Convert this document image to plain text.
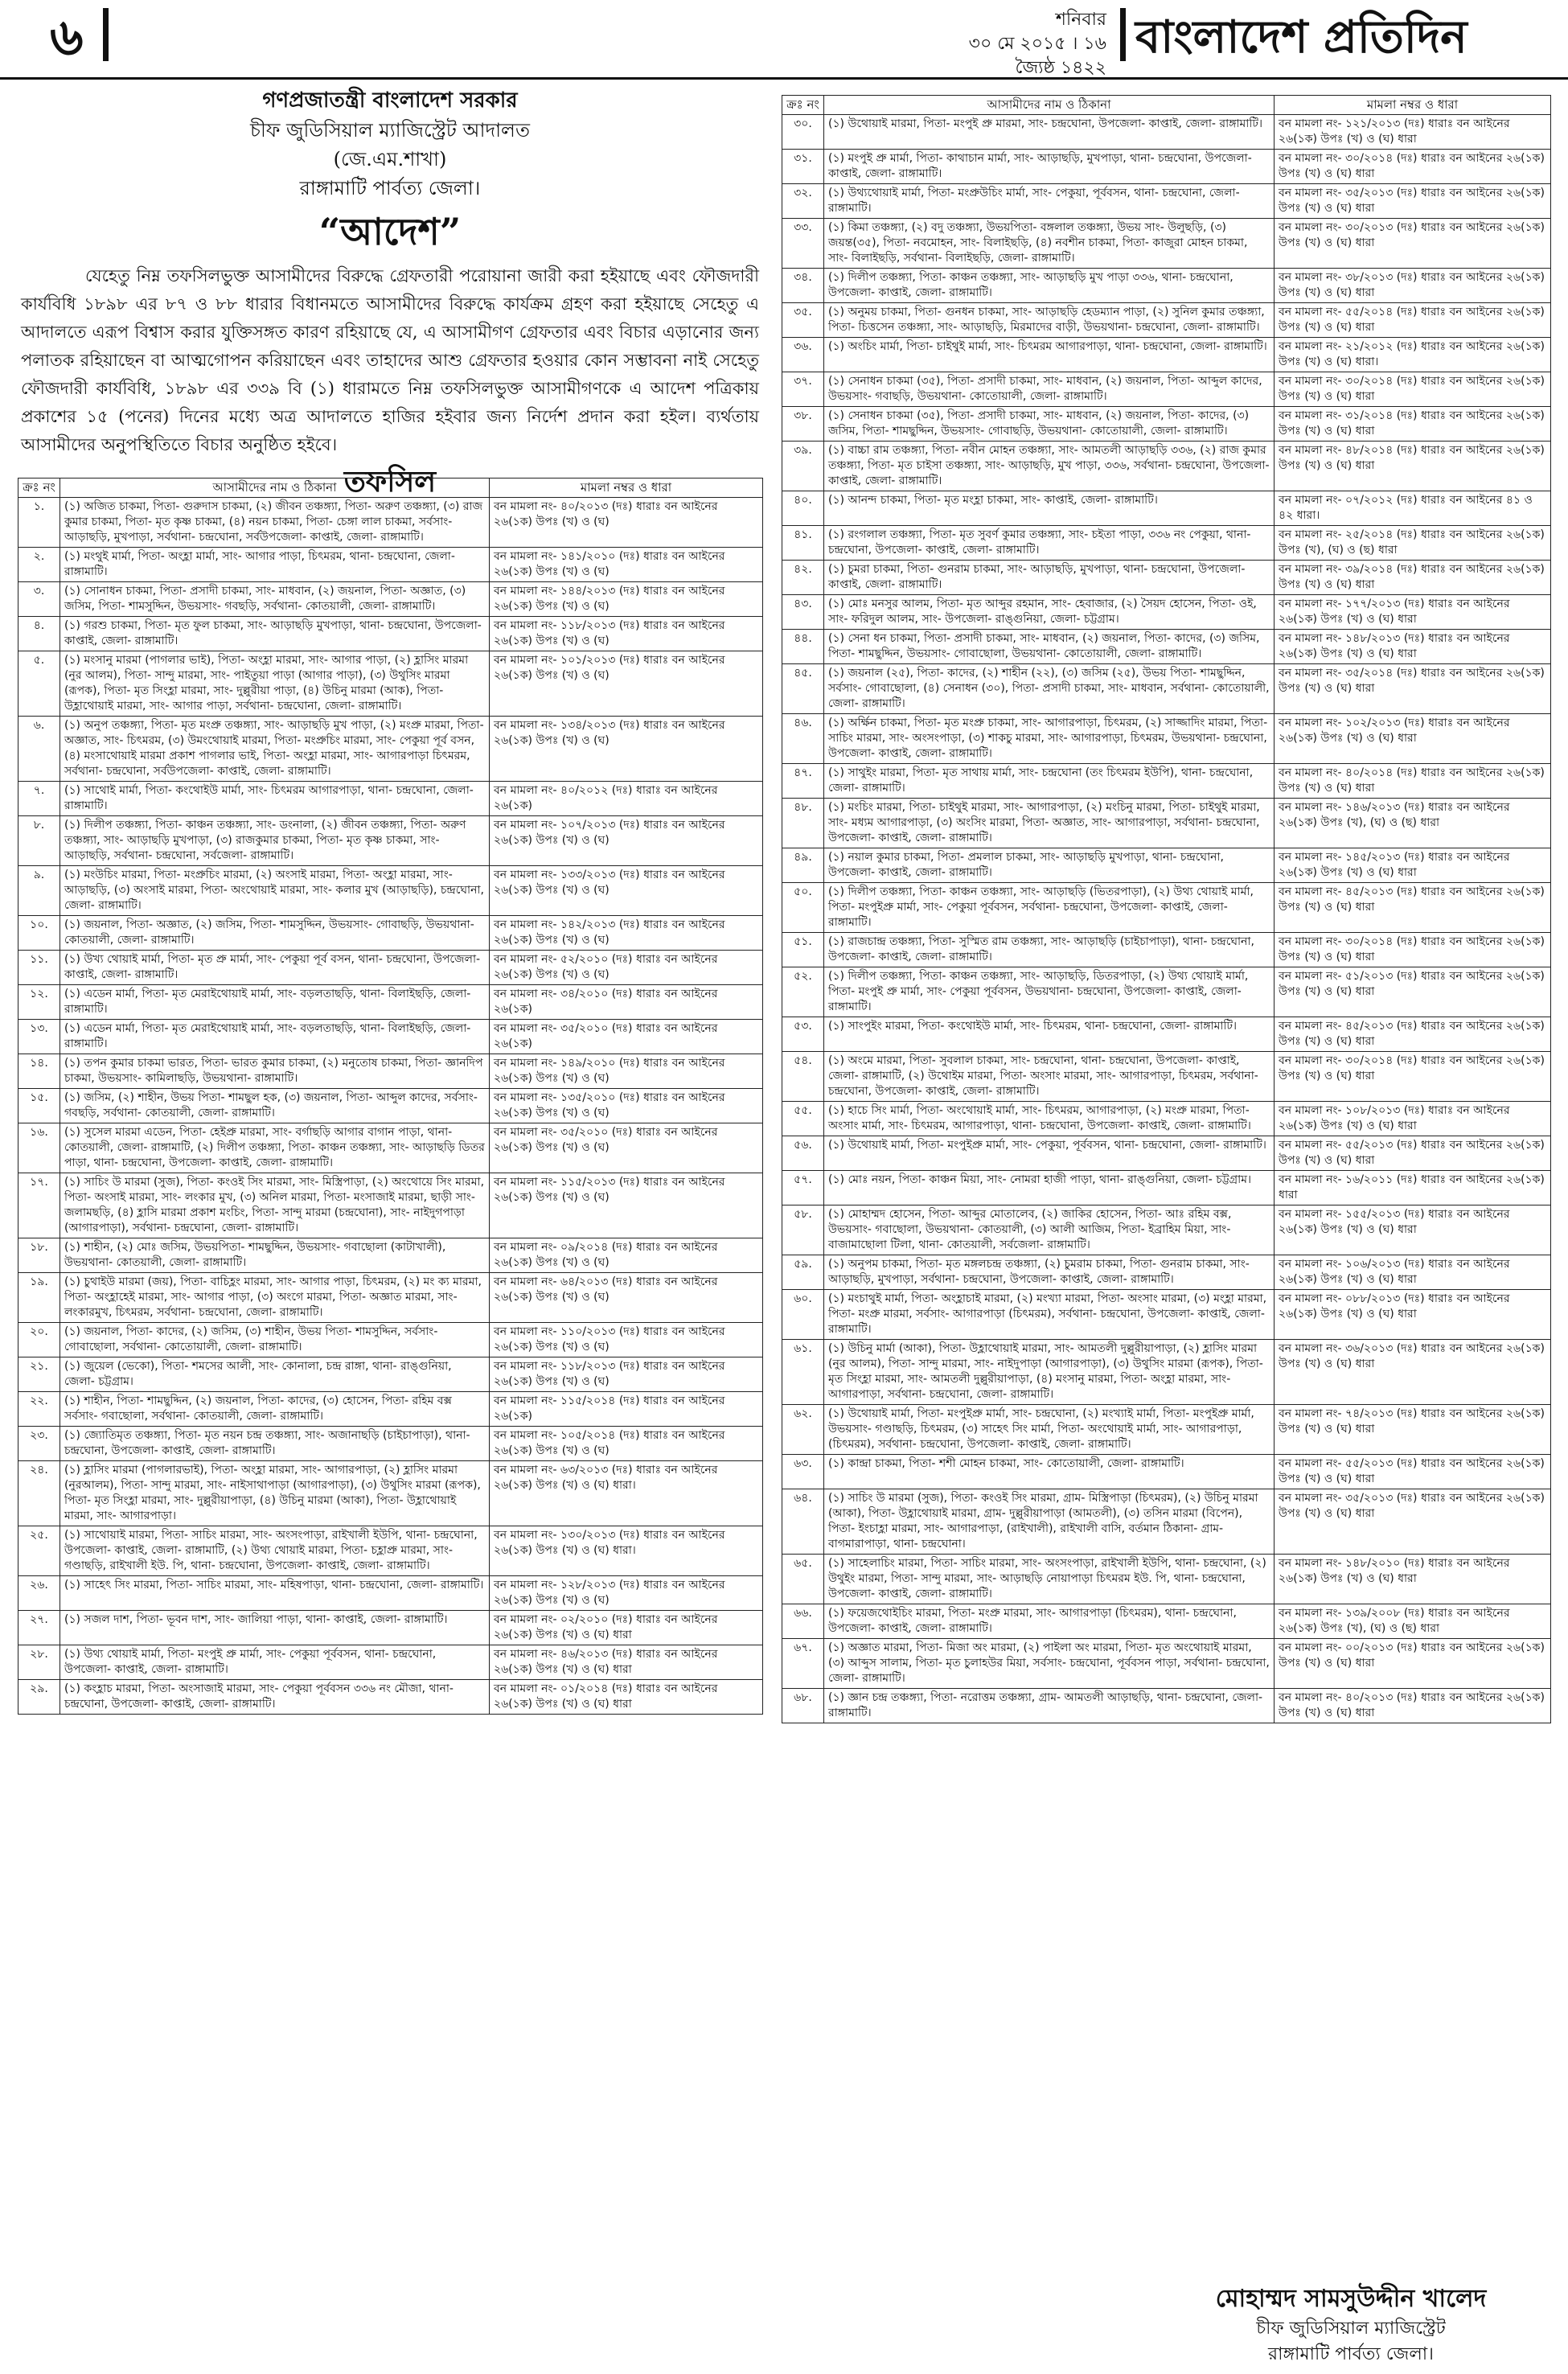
৬	শনিবার
৩০ মে ২০১৫ । ১৬ জ্যৈষ্ঠ ১৪২২
বাংলাদেশ প্রতিদিন
গণপ্রজাতন্ত্রী বাংলাদেশ সরকার
চীফ জুডিসিয়াল ম্যাজিস্ট্রেট আদালত
(জে.এম.শাখা)
রাঙ্গামাটি পার্বত্য জেলা।
“আদেশ”
যেহেতু নিম্ন তফসিলভুক্ত আসামীদের বিরুদ্ধে গ্রেফতারী পরোয়ানা জারী করা হইয়াছে এবং ফৌজদারী কার্যবিধি ১৮৯৮ এর ৮৭ ও ৮৮ ধারার বিধানমতে আসামীদের বিরুদ্ধে কার্যক্রম গ্রহণ করা হইয়াছে সেহেতু এ আদালতে এরূপ বিশ্বাস করার যুক্তিসঙ্গত কারণ রহিয়াছে যে, এ আসামীগণ গ্রেফতার এবং বিচার এড়ানোর জন্য পলাতক রহিয়াছেন বা আত্মগোপন করিয়াছেন এবং তাহাদের আশু গ্রেফতার হওয়ার কোন সম্ভাবনা নাই সেহেতু ফৌজদারী কার্যবিধি, ১৮৯৮ এর ৩৩৯ বি (১) ধারামতে নিম্ন তফসিলভুক্ত আসামীগণকে এ আদেশ পত্রিকায় প্রকাশের ১৫ (পনের) দিনের মধ্যে অত্র আদালতে হাজির হইবার জন্য নির্দেশ প্রদান করা হইল। ব্যর্থতায় আসামীদের অনুপস্থিতিতে বিচার অনুষ্ঠিত হইবে।
তফসিল
ক্রঃ নং	আসামীদের নাম ও ঠিকানা	মামলা নম্বর ও ধারা
১.	(১) অজিত চাকমা, পিতা- গুরুদাস চাকমা, (২) জীবন তঞ্চঙ্গ্যা, পিতা- অরুণ তঞ্চঙ্গ্যা, (৩) রাজ কুমার চাকমা, পিতা- মৃত কৃষ্ণ চাকমা, (৪) নয়ন চাকমা, পিতা- চেঙ্গা লাল চাকমা, সর্বসাং- আড়াছড়ি, মুখপাড়া, সর্বথানা- চন্দ্রঘোনা, সর্বউপজেলা- কাপ্তাই, জেলা- রাঙ্গামাটি।	বন মামলা নং- ৪০/২০১৩ (দঃ) ধারাঃ বন আইনের ২৬(১ক) উপঃ (খ) ও (ঘ)
২.	(১) মংথুই মার্মা, পিতা- অংহ্লা মার্মা, সাং- আগার পাড়া, চিৎমরম, থানা- চন্দ্রঘোনা, জেলা- রাঙ্গামাটি।	বন মামলা নং- ১৪১/২০১০ (দঃ) ধারাঃ বন আইনের ২৬(১ক) উপঃ (খ) ও (ঘ)
৩.	(১) সোনাধন চাকমা, পিতা- প্রসাদী চাকমা, সাং- মাধবান, (২) জয়নাল, পিতা- অজ্ঞাত, (৩) জসিম, পিতা- শামসুদ্দিন, উভয়সাং- গবছড়ি, সর্বথানা- কোতয়ালী, জেলা- রাঙ্গামাটি।	বন মামলা নং- ১৪৪/২০১৩ (দঃ) ধারাঃ বন আইনের ২৬(১ক) উপঃ (খ) ও (ঘ)
৪.	(১) গরশু চাকমা, পিতা- মৃত ফুল চাকমা, সাং- আড়াছড়ি মুখপাড়া, থানা- চন্দ্রঘোনা, উপজেলা- কাপ্তাই, জেলা- রাঙ্গামাটি।	বন মামলা নং- ১১৮/২০১৩ (দঃ) ধারাঃ বন আইনের ২৬(১ক) উপঃ (খ) ও (ঘ)
৫.	(১) মংসানু মারমা (পাগলার ভাই), পিতা- অংহ্লা মারমা, সাং- আগার পাড়া, (২) হ্লাসিং মারমা (নুর আলম), পিতা- সান্দু মারমা, সাং- পাইতুয়া পাড়া (আগার পাড়া), (৩) উথুসিং মারমা (রূপক), পিতা- মৃত সিংহ্লা মারমা, সাং- দুল্লুরীয়া পাড়া, (৪) উচিনু মারমা (আক), পিতা- উহ্লাথোয়াই মারমা, সাং- আগার পাড়া, সর্বথানা- চন্দ্রঘোনা, জেলা- রাঙ্গামাটি।	বন মামলা নং- ১০১/২০১৩ (দঃ) ধারাঃ বন আইনের ২৬(১ক) উপঃ (খ) ও (ঘ)
৬.	(১) অনুপ তঞ্চঙ্গ্যা, পিতা- মৃত মংপ্রু তঞ্চঙ্গ্যা, সাং- আড়াছড়ি মুখ পাড়া, (২) মংপ্রু মারমা, পিতা- অজ্ঞাত, সাং- চিৎমরম, (৩) উমংথোয়াই মারমা, পিতা- মংপ্রুচিং মারমা, সাং- পেকুয়া পূর্ব বসন, (৪) মংসাথোয়াই মারমা প্রকাশ পাগলার ভাই, পিতা- অংহ্লা মারমা, সাং- আগারপাড়া চিৎমরম, সর্বথানা- চন্দ্রঘোনা, সর্বউপজেলা- কাপ্তাই, জেলা- রাঙ্গামাটি।	বন মামলা নং- ১৩৪/২০১৩ (দঃ) ধারাঃ বন আইনের ২৬(১ক) উপঃ (খ) ও (ঘ)
৭.	(১) সাথোই মার্মা, পিতা- কংথোইউ মার্মা, সাং- চিৎমরম আগারপাড়া, থানা- চন্দ্রঘোনা, জেলা- রাঙ্গামাটি।	বন মামলা নং- ৪০/২০১২ (দঃ) ধারাঃ বন আইনের ২৬(১ক)
৮.	(১) দিলীপ তঞ্চঙ্গ্যা, পিতা- কাঞ্চন তঞ্চঙ্গ্যা, সাং- ডংনালা, (২) জীবন তঞ্চঙ্গ্যা, পিতা- অরুণ তঞ্চঙ্গ্যা, সাং- আড়াছড়ি মুখপাড়া, (৩) রাজকুমার চাকমা, পিতা- মৃত কৃষ্ণ চাকমা, সাং- আড়াছড়ি, সর্বথানা- চন্দ্রঘোনা, সর্বজেলা- রাঙ্গামাটি।	বন মামলা নং- ১০৭/২০১৩ (দঃ) ধারাঃ বন আইনের ২৬(১ক) উপঃ (খ) ও (ঘ)
৯.	(১) মংউচিং মারমা, পিতা- মংপ্রুচিং মারমা, (২) অংসাই মারমা, পিতা- অংহ্লা মারমা, সাং- আড়াছড়ি, (৩) অংসাই মারমা, পিতা- অংথোয়াই মারমা, সাং- কলার মুখ (আড়াছড়ি), চন্দ্রঘোনা, জেলা- রাঙ্গামাটি।	বন মামলা নং- ১৩৩/২০১৩ (দঃ) ধারাঃ বন আইনের ২৬(১ক) উপঃ (খ) ও (ঘ)
১০.	(১) জয়নাল, পিতা- অজ্ঞাত, (২) জসিম, পিতা- শামসুদ্দিন, উভয়সাং- গোবাছড়ি, উভয়থানা- কোতয়ালী, জেলা- রাঙ্গামাটি।	বন মামলা নং- ১৪২/২০১৩ (দঃ) ধারাঃ বন আইনের ২৬(১ক) উপঃ (খ) ও (ঘ)
১১.	(১) উখ্য থোয়াই মার্মা, পিতা- মৃত প্রু মার্মা, সাং- পেকুয়া পূর্ব বসন, থানা- চন্দ্রঘোনা, উপজেলা- কাপ্তাই, জেলা- রাঙ্গামাটি।	বন মামলা নং- ৫২/২০১০ (দঃ) ধারাঃ বন আইনের ২৬(১ক) উপঃ (খ) ও (ঘ)
১২.	(১) এডেন মার্মা, পিতা- মৃত মেরাইথোয়াই মার্মা, সাং- বড়লতাছড়ি, থানা- বিলাইছড়ি, জেলা- রাঙ্গামাটি।	বন মামলা নং- ৩৪/২০১০ (দঃ) ধারাঃ বন আইনের ২৬(১ক)
১৩.	(১) এডেন মার্মা, পিতা- মৃত মেরাইথোয়াই মার্মা, সাং- বড়লতাছড়ি, থানা- বিলাইছড়ি, জেলা- রাঙ্গামাটি।	বন মামলা নং- ৩৫/২০১০ (দঃ) ধারাঃ বন আইনের ২৬(১ক)
১৪.	(১) তপন কুমার চাকমা ভারত, পিতা- ভারত কুমার চাকমা, (২) মনুতোষ চাকমা, পিতা- জ্ঞানদিপ চাকমা, উভয়সাং- কামিলাছড়ি, উভয়থানা- রাঙ্গামাটি।	বন মামলা নং- ১৪৯/২০১০ (দঃ) ধারাঃ বন আইনের ২৬(১ক) উপঃ (খ) ও (ঘ)
১৫.	(১) জসিম, (২) শাহীন, উভয় পিতা- শামছুল হক, (৩) জয়নাল, পিতা- আব্দুল কাদের, সর্বসাং- গবছড়ি, সর্বথানা- কোতয়ালী, জেলা- রাঙ্গামাটি।	বন মামলা নং- ১৩৫/২০১০ (দঃ) ধারাঃ বন আইনের ২৬(১ক) উপঃ (খ) ও (ঘ)
১৬.	(১) সুসেল মারমা এডেন, পিতা- হেইপ্রু মারমা, সাং- বর্গাছড়ি আগার বাগান পাড়া, থানা- কোতয়ালী, জেলা- রাঙ্গামাটি, (২) দিলীপ তঞ্চঙ্গ্যা, পিতা- কাঞ্চন তঞ্চঙ্গ্যা, সাং- আড়াছড়ি ডিতর পাড়া, থানা- চন্দ্রঘোনা, উপজেলা- কাপ্তাই, জেলা- রাঙ্গামাটি।	বন মামলা নং- ৩৫/২০১০ (দঃ) ধারাঃ বন আইনের ২৬(১ক) উপঃ (খ) ও (ঘ)
১৭.	(১) সাচিং উ মারমা (সুজ), পিতা- কংওই সিং মারমা, সাং- মিস্ত্রিপাড়া, (২) অংথোয়ে সিং মারমা, পিতা- অংসাই মারমা, সাং- লংকার মুখ, (৩) অনিল মারমা, পিতা- মংসাজাই মারমা, ছাড়ী সাং- জলামছড়ি, (৪) হ্লাসি মারমা প্রকাশ মংচিং, পিতা- সান্দু মারমা (চন্দ্রঘোনা), সাং- নাইদুগপাড়া (আগারপাড়া), সর্বথানা- চন্দ্রঘোনা, জেলা- রাঙ্গামাটি।	বন মামলা নং- ১১৫/২০১৩ (দঃ) ধারাঃ বন আইনের ২৬(১ক) উপঃ (খ) ও (ঘ)
১৮.	(১) শাহীন, (২) মোঃ জসিম, উভয়পিতা- শামছুদ্দিন, উভয়সাং- গবাছোলা (কাটাখালী), উভয়থানা- কোতয়ালী, জেলা- রাঙ্গামাটি।	বন মামলা নং- ০৯/২০১৪ (দঃ) ধারাঃ বন আইনের ২৬(১ক) উপঃ (খ) ও (ঘ)
১৯.	(১) চুথাইউ মারমা (জয়), পিতা- বাচিহ্লং মারমা, সাং- আগার পাড়া, চিৎমরম, (২) মং ক্য মারমা, পিতা- অংহ্লাহেই মারমা, সাং- আগার পাড়া, (৩) অংগে মারমা, পিতা- অজ্ঞাত মারমা, সাং- লংকারমুখ, চিৎমরম, সর্বথানা- চন্দ্রঘোনা, জেলা- রাঙ্গামাটি।	বন মামলা নং- ৬৪/২০১৩ (দঃ) ধারাঃ বন আইনের ২৬(১ক) উপঃ (খ) ও (ঘ)
২০.	(১) জয়নাল, পিতা- কাদের, (২) জসিম, (৩) শাহীন, উভয় পিতা- শামসুদ্দিন, সর্বসাং- গোবাছোলা, সর্বথানা- কোতোয়ালী, জেলা- রাঙ্গামাটি।	বন মামলা নং- ১১০/২০১৩ (দঃ) ধারাঃ বন আইনের ২৬(১ক) উপঃ (খ) ও (ঘ)
২১.	(১) জুয়েল (ভেকো), পিতা- শমসের আলী, সাং- কোনালা, চন্দ্র রাঙ্গা, থানা- রাঙ্গুনিয়া, জেলা- চট্টগ্রাম।	বন মামলা নং- ১১৮/২০১৩ (দঃ) ধারাঃ বন আইনের ২৬(১ক) উপঃ (খ) ও (ঘ)
২২.	(১) শাহীন, পিতা- শামছুদ্দিন, (২) জয়নাল, পিতা- কাদের, (৩) হোসেন, পিতা- রহিম বক্স সর্বসাং- গবাছোলা, সর্বথানা- কোতয়ালী, জেলা- রাঙ্গামাটি।	বন মামলা নং- ১১৫/২০১৪ (দঃ) ধারাঃ বন আইনের ২৬(১ক)
২৩.	(১) জ্যোতিমৃত তঞ্চঙ্গ্যা, পিতা- মৃত নয়ন চন্দ্র তঞ্চঙ্গ্যা, সাং- অজানাছড়ি (চাইচাপাড়া), থানা- চন্দ্রঘোনা, উপজেলা- কাপ্তাই, জেলা- রাঙ্গামাটি।	বন মামলা নং- ১০৫/২০১৪ (দঃ) ধারাঃ বন আইনের ২৬(১ক) উপঃ (খ) ও (ঘ)
২৪.	(১) হ্লাসিং মারমা (পাগলারভাই), পিতা- অংহ্লা মারমা, সাং- আগারপাড়া, (২) হ্লাসিং মারমা (নুরআলম), পিতা- সান্দু মারমা, সাং- নাইসাথাপাড়া (আগারপাড়া), (৩) উথুসিং মারমা (রূপক), পিতা- মৃত সিংহ্লা মারমা, সাং- দুল্লুরীয়াপাড়া, (৪) উচিনু মারমা (আকা), পিতা- উহ্লাথোয়াই মারমা, সাং- আগারপাড়া।	বন মামলা নং- ৬৩/২০১৩ (দঃ) ধারাঃ বন আইনের ২৬(১ক) উপঃ (খ) ও (ঘ) ধারা।
২৫.	(১) সাথোয়াই মারমা, পিতা- সাচিং মারমা, সাং- অংসংপাড়া, রাইখালী ইউপি, থানা- চন্দ্রঘোনা, উপজেলা- কাপ্তাই, জেলা- রাঙ্গামাটি, (২) উথ্য থোয়াই মারমা, পিতা- চহ্লাপ্রু মারমা, সাং- গণ্ডাছড়ি, রাইখালী ইউ. পি, থানা- চন্দ্রঘোনা, উপজেলা- কাপ্তাই, জেলা- রাঙ্গামাটি।	বন মামলা নং- ১৩০/২০১৩ (দঃ) ধারাঃ বন আইনের ২৬(১ক) উপঃ (খ) ও (ঘ) ধারা।
২৬.	(১) সাহেৎ সিং মারমা, পিতা- সাচিং মারমা, সাং- মহিষপাড়া, থানা- চন্দ্রঘোনা, জেলা- রাঙ্গামাটি।	বন মামলা নং- ১২৮/২০১৩ (দঃ) ধারাঃ বন আইনের ২৬(১ক) উপঃ (খ) ও (ঘ)
২৭.	(১) সজল দাশ, পিতা- ভূবন দাশ, সাং- জালিয়া পাড়া, থানা- কাপ্তাই, জেলা- রাঙ্গামাটি।	বন মামলা নং- ০২/২০১০ (দঃ) ধারাঃ বন আইনের ২৬(১ক) উপঃ (খ) ও (ঘ) ধারা
২৮.	(১) উথ্য থোয়াই মার্মা, পিতা- মংপুই প্রু মার্মা, সাং- পেকুয়া পূর্ববসন, থানা- চন্দ্রঘোনা, উপজেলা- কাপ্তাই, জেলা- রাঙ্গামাটি।	বন মামলা নং- ৪৬/২০১৩ (দঃ) ধারাঃ বন আইনের ২৬(১ক) উপঃ (খ) ও (ঘ) ধারা
২৯.	(১) কংহ্লাচ মারমা, পিতা- অংসাজাই মারমা, সাং- পেকুয়া পূর্ববসন ৩৩৬ নং মৌজা, থানা- চন্দ্রঘোনা, উপজেলা- কাপ্তাই, জেলা- রাঙ্গামাটি।	বন মামলা নং- ০১/২০১৪ (দঃ) ধারাঃ বন আইনের ২৬(১ক) উপঃ (খ) ও (ঘ) ধারা
ক্রঃ নং	আসামীদের নাম ও ঠিকানা	মামলা নম্বর ও ধারা
৩০.	(১) উথোয়াই মারমা, পিতা- মংপুই প্রু মারমা, সাং- চন্দ্রঘোনা, উপজেলা- কাপ্তাই, জেলা- রাঙ্গামাটি।	বন মামলা নং- ১২১/২০১৩ (দঃ) ধারাঃ বন আইনের ২৬(১ক) উপঃ (খ) ও (ঘ) ধারা
৩১.	(১) মংপুই প্রু মার্মা, পিতা- কাথাচান মার্মা, সাং- আড়াছড়ি, মুখপাড়া, থানা- চন্দ্রঘোনা, উপজেলা- কাপ্তাই, জেলা- রাঙ্গামাটি।	বন মামলা নং- ৩০/২০১৪ (দঃ) ধারাঃ বন আইনের ২৬(১ক) উপঃ (খ) ও (ঘ) ধারা
৩২.	(১) উথ্যথোয়াই মার্মা, পিতা- মংপ্রুউচিং মার্মা, সাং- পেকুয়া, পূর্ববসন, থানা- চন্দ্রঘোনা, জেলা- রাঙ্গামাটি।	বন মামলা নং- ৩৫/২০১৩ (দঃ) ধারাঃ বন আইনের ২৬(১ক) উপঃ (খ) ও (ঘ) ধারা
৩৩.	(১) কিমা তঞ্চঙ্গ্যা, (২) বদু তঞ্চঙ্গ্যা, উভয়পিতা- বঙ্গলাল তঞ্চঙ্গ্যা, উভয় সাং- উলুছড়ি, (৩) জয়ন্ত(৩৫), পিতা- নবমোহন, সাং- বিলাইছড়ি, (৪) নবশীন চাকমা, পিতা- কাজুরা মোহন চাকমা, সাং- বিলাইছড়ি, সর্বথানা- বিলাইছড়ি, জেলা- রাঙ্গামাটি।	বন মামলা নং- ৩০/২০১৩ (দঃ) ধারাঃ বন আইনের ২৬(১ক) উপঃ (খ) ও (ঘ) ধারা
৩৪.	(১) দিলীপ তঞ্চঙ্গ্যা, পিতা- কাঞ্চন তঞ্চঙ্গ্যা, সাং- আড়াছড়ি মুখ পাড়া ৩৩৬, থানা- চন্দ্রঘোনা, উপজেলা- কাপ্তাই, জেলা- রাঙ্গামাটি।	বন মামলা নং- ৩৮/২০১৩ (দঃ) ধারাঃ বন আইনের ২৬(১ক) উপঃ (খ) ও (ঘ) ধারা
৩৫.	(১) অনুময় চাকমা, পিতা- গুনধন চাকমা, সাং- আড়াছড়ি হেডম্যান পাড়া, (২) সুনিল কুমার তঞ্চঙ্গ্যা, পিতা- চিত্তসেন তঞ্চঙ্গ্যা, সাং- আড়াছড়ি, মিরমাদের বাড়ী, উভয়থানা- চন্দ্রঘোনা, জেলা- রাঙ্গামাটি।	বন মামলা নং- ৫৫/২০১৪ (দঃ) ধারাঃ বন আইনের ২৬(১ক) উপঃ (খ) ও (ঘ) ধারা
৩৬.	(১) অংচিং মার্মা, পিতা- চাইথুই মার্মা, সাং- চিৎমরম আগারপাড়া, থানা- চন্দ্রঘোনা, জেলা- রাঙ্গামাটি।	বন মামলা নং- ২১/২০১২ (দঃ) ধারাঃ বন আইনের ২৬(১ক) উপঃ (খ) ও (ঘ) ধারা।
৩৭.	(১) সেনাধন চাকমা (৩৫), পিতা- প্রসাদী চাকমা, সাং- মাধবান, (২) জয়নাল, পিতা- আব্দুল কাদের, উভয়সাং- গবাছড়ি, উভয়থানা- কোতোয়ালী, জেলা- রাঙ্গামাটি।	বন মামলা নং- ৩০/২০১৪ (দঃ) ধারাঃ বন আইনের ২৬(১ক) উপঃ (খ) ও (ঘ) ধারা
৩৮.	(১) সেনাধন চাকমা (৩৫), পিতা- প্রসাদী চাকমা, সাং- মাধবান, (২) জয়নাল, পিতা- কাদের, (৩) জসিম, পিতা- শামছুদ্দিন, উভয়সাং- গোবাছড়ি, উভয়থানা- কোতোয়ালী, জেলা- রাঙ্গামাটি।	বন মামলা নং- ৩১/২০১৪ (দঃ) ধারাঃ বন আইনের ২৬(১ক) উপঃ (খ) ও (ঘ) ধারা
৩৯.	(১) বাচ্চা রাম তঞ্চঙ্গ্যা, পিতা- নবীন মোহন তঞ্চঙ্গ্যা, সাং- আমতলী আড়াছড়ি ৩৩৬, (২) রাজ কুমার তঞ্চঙ্গ্যা, পিতা- মৃত চাইসা তঞ্চঙ্গ্যা, সাং- আড়াছড়ি, মুখ পাড়া, ৩৩৬, সর্বথানা- চন্দ্রঘোনা, উপজেলা- কাপ্তাই, জেলা- রাঙ্গামাটি।	বন মামলা নং- ৪৮/২০১৪ (দঃ) ধারাঃ বন আইনের ২৬(১ক) উপঃ (খ) ও (ঘ) ধারা
৪০.	(১) আনন্দ চাকমা, পিতা- মৃত মংহ্লা চাকমা, সাং- কাপ্তাই, জেলা- রাঙ্গামাটি।	বন মামলা নং- ০৭/২০১২ (দঃ) ধারাঃ বন আইনের ৪১ ও ৪২ ধারা।
৪১.	(১) রংগলাল তঞ্চঙ্গ্যা, পিতা- মৃত সুবর্ণ কুমার তঞ্চঙ্গ্যা, সাং- চইতা পাড়া, ৩৩৬ নং পেকুয়া, থানা- চন্দ্রঘোনা, উপজেলা- কাপ্তাই, জেলা- রাঙ্গামাটি।	বন মামলা নং- ২৫/২০১৪ (দঃ) ধারাঃ বন আইনের ২৬(১ক) উপঃ (খ), (ঘ) ও (ছ) ধারা
৪২.	(১) চুমরা চাকমা, পিতা- গুনরাম চাকমা, সাং- আড়াছড়ি, মুখপাড়া, থানা- চন্দ্রঘোনা, উপজেলা- কাপ্তাই, জেলা- রাঙ্গামাটি।	বন মামলা নং- ৩৯/২০১৪ (দঃ) ধারাঃ বন আইনের ২৬(১ক) উপঃ (খ) ও (ঘ) ধারা
৪৩.	(১) মোঃ মনসুর আলম, পিতা- মৃত আব্দুর রহমান, সাং- হেবাজার, (২) সৈয়দ হোসেন, পিতা- ওই, সাং- ফরিদুল আলম, সাং- উপজেলা- রাঙ্গুনিয়া, জেলা- চট্টগ্রাম।	বন মামলা নং- ১৭৭/২০১৩ (দঃ) ধারাঃ বন আইনের ২৬(১ক) উপঃ (খ) ও (ঘ) ধারা
৪৪.	(১) সেনা ধন চাকমা, পিতা- প্রসাদী চাকমা, সাং- মাধবান, (২) জয়নাল, পিতা- কাদের, (৩) জসিম, পিতা- শামছুদ্দিন, উভয়সাং- গোবাছোলা, উভয়থানা- কোতোয়ালী, জেলা- রাঙ্গামাটি।	বন মামলা নং- ১৪৮/২০১৩ (দঃ) ধারাঃ বন আইনের ২৬(১ক) উপঃ (খ) ও (ঘ) ধারা
৪৫.	(১) জয়নাল (২৫), পিতা- কাদের, (২) শাহীন (২২), (৩) জসিম (২৫), উভয় পিতা- শামছুদ্দিন, সর্বসাং- গোবাছোলা, (৪) সেনাধন (৩০), পিতা- প্রসাদী চাকমা, সাং- মাধবান, সর্বথানা- কোতোয়ালী, জেলা- রাঙ্গামাটি।	বন মামলা নং- ৩৫/২০১৪ (দঃ) ধারাঃ বন আইনের ২৬(১ক) উপঃ (খ) ও (ঘ) ধারা
৪৬.	(১) অর্ক্ষিন চাকমা, পিতা- মৃত মংপ্রু চাকমা, সাং- আগারপাড়া, চিৎমরম, (২) সাজ্জাদিং মারমা, পিতা- সাচিং মারমা, সাং- অংসংপাড়া, (৩) শাকচু মারমা, সাং- আগারপাড়া, চিৎমরম, উভয়থানা- চন্দ্রঘোনা, উপজেলা- কাপ্তাই, জেলা- রাঙ্গামাটি।	বন মামলা নং- ১০২/২০১৩ (দঃ) ধারাঃ বন আইনের ২৬(১ক) উপঃ (খ) ও (ঘ) ধারা
৪৭.	(১) সাথুইং মারমা, পিতা- মৃত সাথায় মার্মা, সাং- চন্দ্রঘোনা (তং চিৎমরম ইউপি), থানা- চন্দ্রঘোনা, জেলা- রাঙ্গামাটি।	বন মামলা নং- ৪০/২০১৪ (দঃ) ধারাঃ বন আইনের ২৬(১ক) উপঃ (খ) ও (ঘ) ধারা
৪৮.	(১) মংচিং মারমা, পিতা- চাইথুই মারমা, সাং- আগারপাড়া, (২) মংচিনু মারমা, পিতা- চাইথুই মারমা, সাং- মধ্যম আগারপাড়া, (৩) অংসিং মারমা, পিতা- অজ্ঞাত, সাং- আগারপাড়া, সর্বথানা- চন্দ্রঘোনা, উপজেলা- কাপ্তাই, জেলা- রাঙ্গামাটি।	বন মামলা নং- ১৪৬/২০১৩ (দঃ) ধারাঃ বন আইনের ২৬(১ক) উপঃ (খ), (ঘ) ও (ছ) ধারা
৪৯.	(১) নয়াল কুমার চাকমা, পিতা- প্রমলাল চাকমা, সাং- আড়াছড়ি মুখপাড়া, থানা- চন্দ্রঘোনা, উপজেলা- কাপ্তাই, জেলা- রাঙ্গামাটি।	বন মামলা নং- ১৪৫/২০১৩ (দঃ) ধারাঃ বন আইনের ২৬(১ক) উপঃ (খ) ও (ঘ) ধারা
৫০.	(১) দিলীপ তঞ্চঙ্গ্যা, পিতা- কাঞ্চন তঞ্চঙ্গ্যা, সাং- আড়াছড়ি (ভিতরপাড়া), (২) উথ্য থোয়াই মার্মা, পিতা- মংপুইপ্রু মার্মা, সাং- পেকুয়া পূর্ববসন, সর্বথানা- চন্দ্রঘোনা, উপজেলা- কাপ্তাই, জেলা- রাঙ্গামাটি।	বন মামলা নং- ৪৫/২০১৩ (দঃ) ধারাঃ বন আইনের ২৬(১ক) উপঃ (খ) ও (ঘ) ধারা
৫১.	(১) রাজচান্দ্র তঞ্চঙ্গ্যা, পিতা- সুস্মিত রাম তঞ্চঙ্গ্যা, সাং- আড়াছড়ি (চাইচাপাড়া), থানা- চন্দ্রঘোনা, উপজেলা- কাপ্তাই, জেলা- রাঙ্গামাটি।	বন মামলা নং- ৩০/২০১৪ (দঃ) ধারাঃ বন আইনের ২৬(১ক) উপঃ (খ) ও (ঘ) ধারা
৫২.	(১) দিলীপ তঞ্চঙ্গ্যা, পিতা- কাঞ্চন তঞ্চঙ্গ্যা, সাং- আড়াছড়ি, ডিতরপাড়া, (২) উথ্য থোয়াই মার্মা, পিতা- মংপুই প্রু মার্মা, সাং- পেকুয়া পূর্ববসন, উভয়থানা- চন্দ্রঘোনা, উপজেলা- কাপ্তাই, জেলা- রাঙ্গামাটি।	বন মামলা নং- ৫১/২০১৩ (দঃ) ধারাঃ বন আইনের ২৬(১ক) উপঃ (খ) ও (ঘ) ধারা
৫৩.	(১) সাংপুইং মারমা, পিতা- কংথোইউ মার্মা, সাং- চিৎমরম, থানা- চন্দ্রঘোনা, জেলা- রাঙ্গামাটি।	বন মামলা নং- ৪৫/২০১৩ (দঃ) ধারাঃ বন আইনের ২৬(১ক) উপঃ (খ) ও (ঘ) ধারা
৫৪.	(১) অংমে মারমা, পিতা- সুবলাল চাকমা, সাং- চন্দ্রঘোনা, থানা- চন্দ্রঘোনা, উপজেলা- কাপ্তাই, জেলা- রাঙ্গামাটি, (২) উথোইম মারমা, পিতা- অংসাং মারমা, সাং- আগারপাড়া, চিৎমরম, সর্বথানা- চন্দ্রঘোনা, উপজেলা- কাপ্তাই, জেলা- রাঙ্গামাটি।	বন মামলা নং- ৩০/২০১৪ (দঃ) ধারাঃ বন আইনের ২৬(১ক) উপঃ (খ) ও (ঘ) ধারা
৫৫.	(১) হাচে সিং মার্মা, পিতা- অংথোয়াই মার্মা, সাং- চিৎমরম, আগারপাড়া, (২) মংপ্রু মারমা, পিতা- অংসাং মার্মা, সাং- চিৎমরম, আগারপাড়া, থানা- চন্দ্রঘোনা, উপজেলা- কাপ্তাই, জেলা- রাঙ্গামাটি।	বন মামলা নং- ১০৮/২০১৩ (দঃ) ধারাঃ বন আইনের ২৬(১ক) উপঃ (খ) ও (ঘ) ধারা
৫৬.	(১) উথোয়াই মার্মা, পিতা- মংপুইপ্রু মার্মা, সাং- পেকুয়া, পূর্ববসন, থানা- চন্দ্রঘোনা, জেলা- রাঙ্গামাটি।	বন মামলা নং- ৫৫/২০১৩ (দঃ) ধারাঃ বন আইনের ২৬(১ক) উপঃ (খ) ও (ঘ) ধারা
৫৭.	(১) মোঃ নয়ন, পিতা- কাঞ্চন মিয়া, সাং- নোমরা হাজী পাড়া, থানা- রাঙ্গুনিয়া, জেলা- চট্টগ্রাম।	বন মামলা নং- ১৬/২০১১ (দঃ) ধারাঃ বন আইনের ২৬(১ক) ধারা
৫৮.	(১) মোহাম্মদ হোসেন, পিতা- আব্দুর মোতালেব, (২) জাকির হোসেন, পিতা- আঃ রহিম বক্স, উভয়সাং- গবাছোলা, উভয়থানা- কোতয়ালী, (৩) আলী আজিম, পিতা- ইব্রাহিম মিয়া, সাং- বাজামাছোলা টিলা, থানা- কোতয়ালী, সর্বজেলা- রাঙ্গামাটি।	বন মামলা নং- ১৫৫/২০১৩ (দঃ) ধারাঃ বন আইনের ২৬(১ক) উপঃ (খ) ও (ঘ) ধারা
৫৯.	(১) অনুপম চাকমা, পিতা- মৃত মঙ্গলচন্দ্র তঞ্চঙ্গ্যা, (২) চুমরাম চাকমা, পিতা- গুনরাম চাকমা, সাং- আড়াছড়ি, মুখপাড়া, সর্বথানা- চন্দ্রঘোনা, উপজেলা- কাপ্তাই, জেলা- রাঙ্গামাটি।	বন মামলা নং- ১০৬/২০১৩ (দঃ) ধারাঃ বন আইনের ২৬(১ক) উপঃ (খ) ও (ঘ) ধারা
৬০.	(১) মংচাথুই মার্মা, পিতা- অংহ্লাচাই মারমা, (২) মংখ্যা মারমা, পিতা- অংসাং মারমা, (৩) মংহ্লা মারমা, পিতা- মংপ্রু মারমা, সর্বসাং- আগারপাড়া (চিৎমরম), সর্বথানা- চন্দ্রঘোনা, উপজেলা- কাপ্তাই, জেলা- রাঙ্গামাটি।	বন মামলা নং- ০৮৮/২০১৩ (দঃ) ধারাঃ বন আইনের ২৬(১ক) উপঃ (খ) ও (ঘ) ধারা
৬১.	(১) উচিনু মার্মা (আকা), পিতা- উহ্লাথোয়াই মারমা, সাং- আমতলী দুল্লুরীয়াপাড়া, (২) হ্লাসিং মারমা (নুর আলম), পিতা- সান্দু মারমা, সাং- নাইদুপাড়া (আগারপাড়া), (৩) উথুসিং মারমা (রূপক), পিতা- মৃত সিংহ্লা মারমা, সাং- আমতলী দুল্লুরীয়াপাড়া, (৪) মংসানু মারমা, পিতা- অংহ্লা মারমা, সাং- আগারপাড়া, সর্বথানা- চন্দ্রঘোনা, জেলা- রাঙ্গামাটি।	বন মামলা নং- ৩৬/২০১৩ (দঃ) ধারাঃ বন আইনের ২৬(১ক) উপঃ (খ) ও (ঘ) ধারা
৬২.	(১) উথোয়াই মার্মা, পিতা- মংপুইপ্রু মার্মা, সাং- চন্দ্রঘোনা, (২) মংখ্যাই মার্মা, পিতা- মংপুইপ্রু মার্মা, উভয়সাং- গণ্ডাছড়ি, চিৎমরম, (৩) সাহেৎ সিং মার্মা, পিতা- অংথোয়াই মার্মা, সাং- আগারপাড়া, (চিৎমরম), সর্বথানা- চন্দ্রঘোনা, উপজেলা- কাপ্তাই, জেলা- রাঙ্গামাটি।	বন মামলা নং- ৭৪/২০১৩ (দঃ) ধারাঃ বন আইনের ২৬(১ক) উপঃ (খ) ও (ঘ) ধারা
৬৩.	(১) কান্দ্রা চাকমা, পিতা- শশী মোহন চাকমা, সাং- কোতোয়ালী, জেলা- রাঙ্গামাটি।	বন মামলা নং- ৫৫/২০১৩ (দঃ) ধারাঃ বন আইনের ২৬(১ক) উপঃ (খ) ও (ঘ) ধারা
৬৪.	(১) সাচিং উ মারমা (সুজ), পিতা- কংওই সিং মারমা, গ্রাম- মিস্ত্রিপাড়া (চিৎমরম), (২) উচিনু মারমা (আকা), পিতা- উহ্লাথোয়াই মারমা, গ্রাম- দুল্লুরীয়াপাড়া (আমতলী), (৩) তসিন মারমা (বিপেন), পিতা- ইংচাহ্লা মারমা, সাং- আগারপাড়া, (রাইখালী), রাইখালী বাসি, বর্তমান ঠিকানা- গ্রাম- বাগমারাপাড়া, থানা- চন্দ্রঘোনা।	বন মামলা নং- ৩৫/২০১৩ (দঃ) ধারাঃ বন আইনের ২৬(১ক) উপঃ (খ) ও (ঘ) ধারা
৬৫.	(১) সাহেলাচিং মারমা, পিতা- সাচিং মারমা, সাং- অংসংপাড়া, রাইখালী ইউপি, থানা- চন্দ্রঘোনা, (২) উথুইং মারমা, পিতা- সান্দু মারমা, সাং- আড়াছড়ি নোয়াপাড়া চিৎমরম ইউ. পি, থানা- চন্দ্রঘোনা, উপজেলা- কাপ্তাই, জেলা- রাঙ্গামাটি।	বন মামলা নং- ১৪৮/২০১০ (দঃ) ধারাঃ বন আইনের ২৬(১ক) উপঃ (খ) ও (ঘ) ধারা
৬৬.	(১) ফয়েজথোইচিং মারমা, পিতা- মংপ্রু মারমা, সাং- আগারপাড়া (চিৎমরম), থানা- চন্দ্রঘোনা, উপজেলা- কাপ্তাই, জেলা- রাঙ্গামাটি।	বন মামলা নং- ১৩৯/২০০৮ (দঃ) ধারাঃ বন আইনের ২৬(১ক) উপঃ (খ), (ঘ) ও (ছ) ধারা
৬৭.	(১) অজ্ঞাত মারমা, পিতা- মিজা অং মারমা, (২) পাইলা অং মারমা, পিতা- মৃত অংথোয়াই মারমা, (৩) আব্দুস সালাম, পিতা- মৃত চুলাহউর মিয়া, সর্বসাং- চন্দ্রঘোনা, পূর্ববসন পাড়া, সর্বথানা- চন্দ্রঘোনা, জেলা- রাঙ্গামাটি।	বন মামলা নং- ০০/২০১৩ (দঃ) ধারাঃ বন আইনের ২৬(১ক) উপঃ (খ) ও (ঘ) ধারা
৬৮.	(১) জ্ঞান চন্দ্র তঞ্চঙ্গ্যা, পিতা- নরোত্তম তঞ্চঙ্গ্যা, গ্রাম- আমতলী আড়াছড়ি, থানা- চন্দ্রঘোনা, জেলা- রাঙ্গামাটি।	বন মামলা নং- ৪০/২০১৩ (দঃ) ধারাঃ বন আইনের ২৬(১ক) উপঃ (খ) ও (ঘ) ধারা
মোহাম্মদ সামসুউদ্দীন খালেদ
চীফ জুডিসিয়াল ম্যাজিস্ট্রেট
রাঙ্গামাটি পার্বত্য জেলা।
